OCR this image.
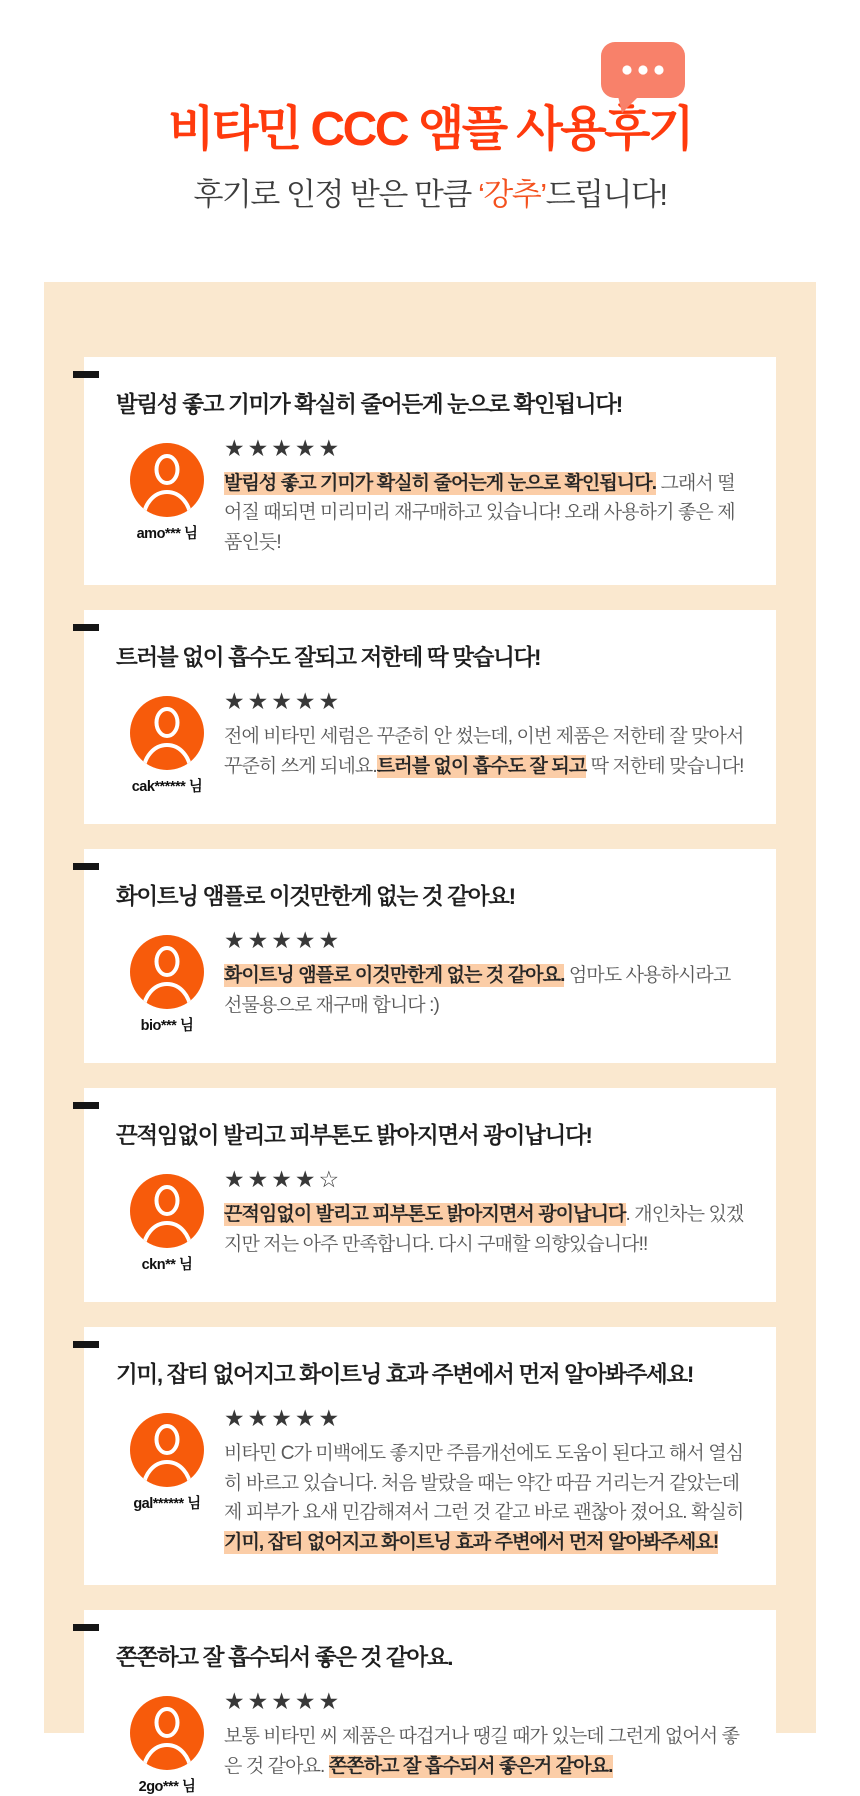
비타민 CCC 앰플 사용후기
후기로 인정 받은 만큼 ‘강추’드립니다!
발림성 좋고 기미가 확실히 줄어든게 눈으로 확인됩니다!
amo*** 님
★★★★★
발림성 좋고 기미가 확실히 줄어는게 눈으로 확인됩니다. 그래서 떨어질 때되면 미리미리 재구매하고 있습니다! 오래 사용하기 좋은 제품인듯!
트러블 없이 흡수도 잘되고 저한테 딱 맞습니다!
cak****** 님
★★★★★
전에 비타민 세럼은 꾸준히 안 썼는데, 이번 제품은 저한테 잘 맞아서 꾸준히 쓰게 되네요.트러블 없이 흡수도 잘 되고 딱 저한테 맞습니다!
화이트닝 앰플로 이것만한게 없는 것 같아요!
bio*** 님
★★★★★
화이트닝 앰플로 이것만한게 없는 것 같아요. 엄마도 사용하시라고 선물용으로 재구매 합니다 :)
끈적임없이 발리고 피부톤도 밝아지면서 광이납니다!
ckn** 님
★★★★☆
끈적임없이 발리고 피부톤도 밝아지면서 광이납니다. 개인차는 있겠지만 저는 아주 만족합니다. 다시 구매할 의향있습니다!!
기미, 잡티 없어지고 화이트닝 효과 주변에서 먼저 알아봐주세요!
gal****** 님
★★★★★
비타민 C가 미백에도 좋지만 주름개선에도 도움이 된다고 해서 열심히 바르고 있습니다. 처음 발랐을 때는 약간 따끔 거리는거 같았는데 제 피부가 요새 민감해져서 그런 것 같고 바로 괜찮아 졌어요. 확실히 기미, 잡티 없어지고 화이트닝 효과 주변에서 먼저 알아봐주세요!
쫀쫀하고 잘 흡수되서 좋은 것 같아요.
2go*** 님
★★★★★
보통 비타민 씨 제품은 따겁거나 땡길 때가 있는데 그런게 없어서 좋은 것 같아요. 쫀쫀하고 잘 흡수되서 좋은거 같아요.
